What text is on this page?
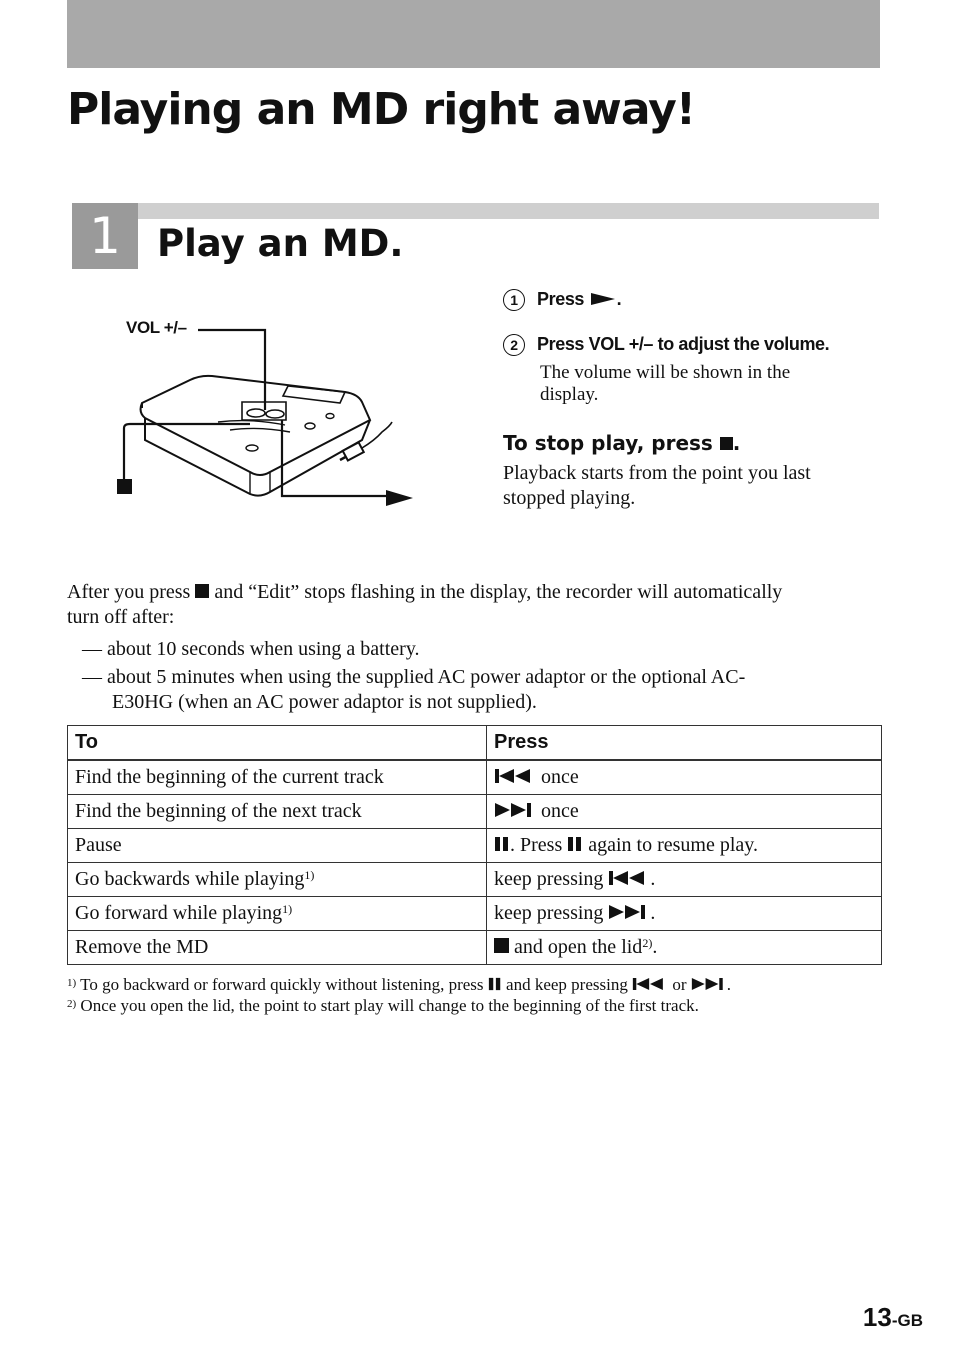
Playing an MD right away!
1 Play an MD.
VOL +/–
1 Press .
2 Press VOL +/– to adjust the volume.
The volume will be shown in the
display.
To stop play, press .
Playback starts from the point you last
stopped playing.
After you press and “Edit” stops flashing in the display, the recorder will automatically
turn off after:
— about 10 seconds when using a battery.
— about 5 minutes when using the supplied AC power adaptor or the optional AC-
E30HG (when an AC power adaptor is not supplied).
To	Press
Find the beginning of the current track	once
Find the beginning of the next track	once
Pause	. Press again to resume play.
Go backwards while playing$^{1)}$	keep pressing .
Go forward while playing$^{1)}$	keep pressing .
Remove the MD	and open the lid$^{2)}$.
$^{1)}$ To go backward or forward quickly without listening, press and keep pressing	or .
$^{2)}$ Once you open the lid, the point to start play will change to the beginning of the first track.
13-GB
